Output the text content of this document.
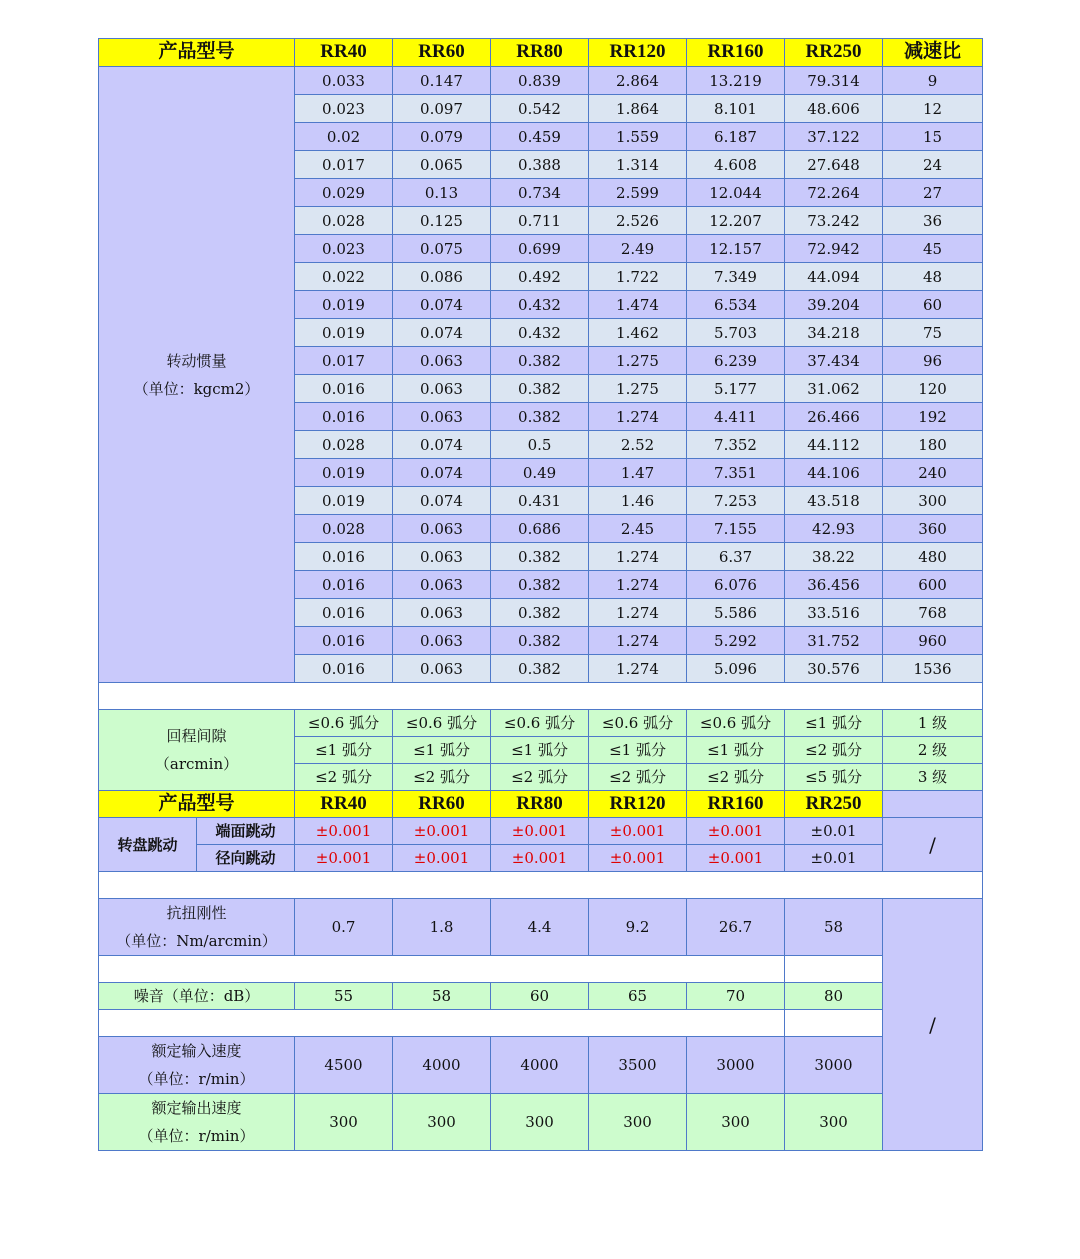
产品型号		RR40	RR60	RR80	RR120	RR160	RR250	减速比
转动惯量
（单位：kgcm2）		0.033	0.147	0.839	2.864	13.219	79.314	9
		0.023	0.097	0.542	1.864	8.101	48.606	12
		0.02	0.079	0.459	1.559	6.187	37.122	15
		0.017	0.065	0.388	1.314	4.608	27.648	24
		0.029	0.13	0.734	2.599	12.044	72.264	27
		0.028	0.125	0.711	2.526	12.207	73.242	36
		0.023	0.075	0.699	2.49	12.157	72.942	45
		0.022	0.086	0.492	1.722	7.349	44.094	48
		0.019	0.074	0.432	1.474	6.534	39.204	60
		0.019	0.074	0.432	1.462	5.703	34.218	75
		0.017	0.063	0.382	1.275	6.239	37.434	96
		0.016	0.063	0.382	1.275	5.177	31.062	120
		0.016	0.063	0.382	1.274	4.411	26.466	192
		0.028	0.074	0.5	2.52	7.352	44.112	180
		0.019	0.074	0.49	1.47	7.351	44.106	240
		0.019	0.074	0.431	1.46	7.253	43.518	300
		0.028	0.063	0.686	2.45	7.155	42.93	360
		0.016	0.063	0.382	1.274	6.37	38.22	480
		0.016	0.063	0.382	1.274	6.076	36.456	600
		0.016	0.063	0.382	1.274	5.586	33.516	768
		0.016	0.063	0.382	1.274	5.292	31.752	960
		0.016	0.063	0.382	1.274	5.096	30.576	1536

回程间隙
（arcmin）		≤0.6 弧分	≤0.6 弧分	≤0.6 弧分	≤0.6 弧分	≤0.6 弧分	≤1 弧分	1 级
		≤1 弧分	≤1 弧分	≤1 弧分	≤1 弧分	≤1 弧分	≤2 弧分	2 级
		≤2 弧分	≤2 弧分	≤2 弧分	≤2 弧分	≤2 弧分	≤5 弧分	3 级
产品型号		RR40	RR60	RR80	RR120	RR160	RR250	
转盘跳动	端面跳动	±0.001	±0.001	±0.001	±0.001	±0.001	±0.01	/
	径向跳动	±0.001	±0.001	±0.001	±0.001	±0.001	±0.01	

抗扭刚性
（单位：Nm/arcmin）		0.7	1.8	4.4	9.2	26.7	58	/

噪音（单位：dB）		55	58	60	65	70	80	

额定输入速度
（单位：r/min）		4500	4000	4000	3500	3000	3000	
额定输出速度
（单位：r/min）		300	300	300	300	300	300	
